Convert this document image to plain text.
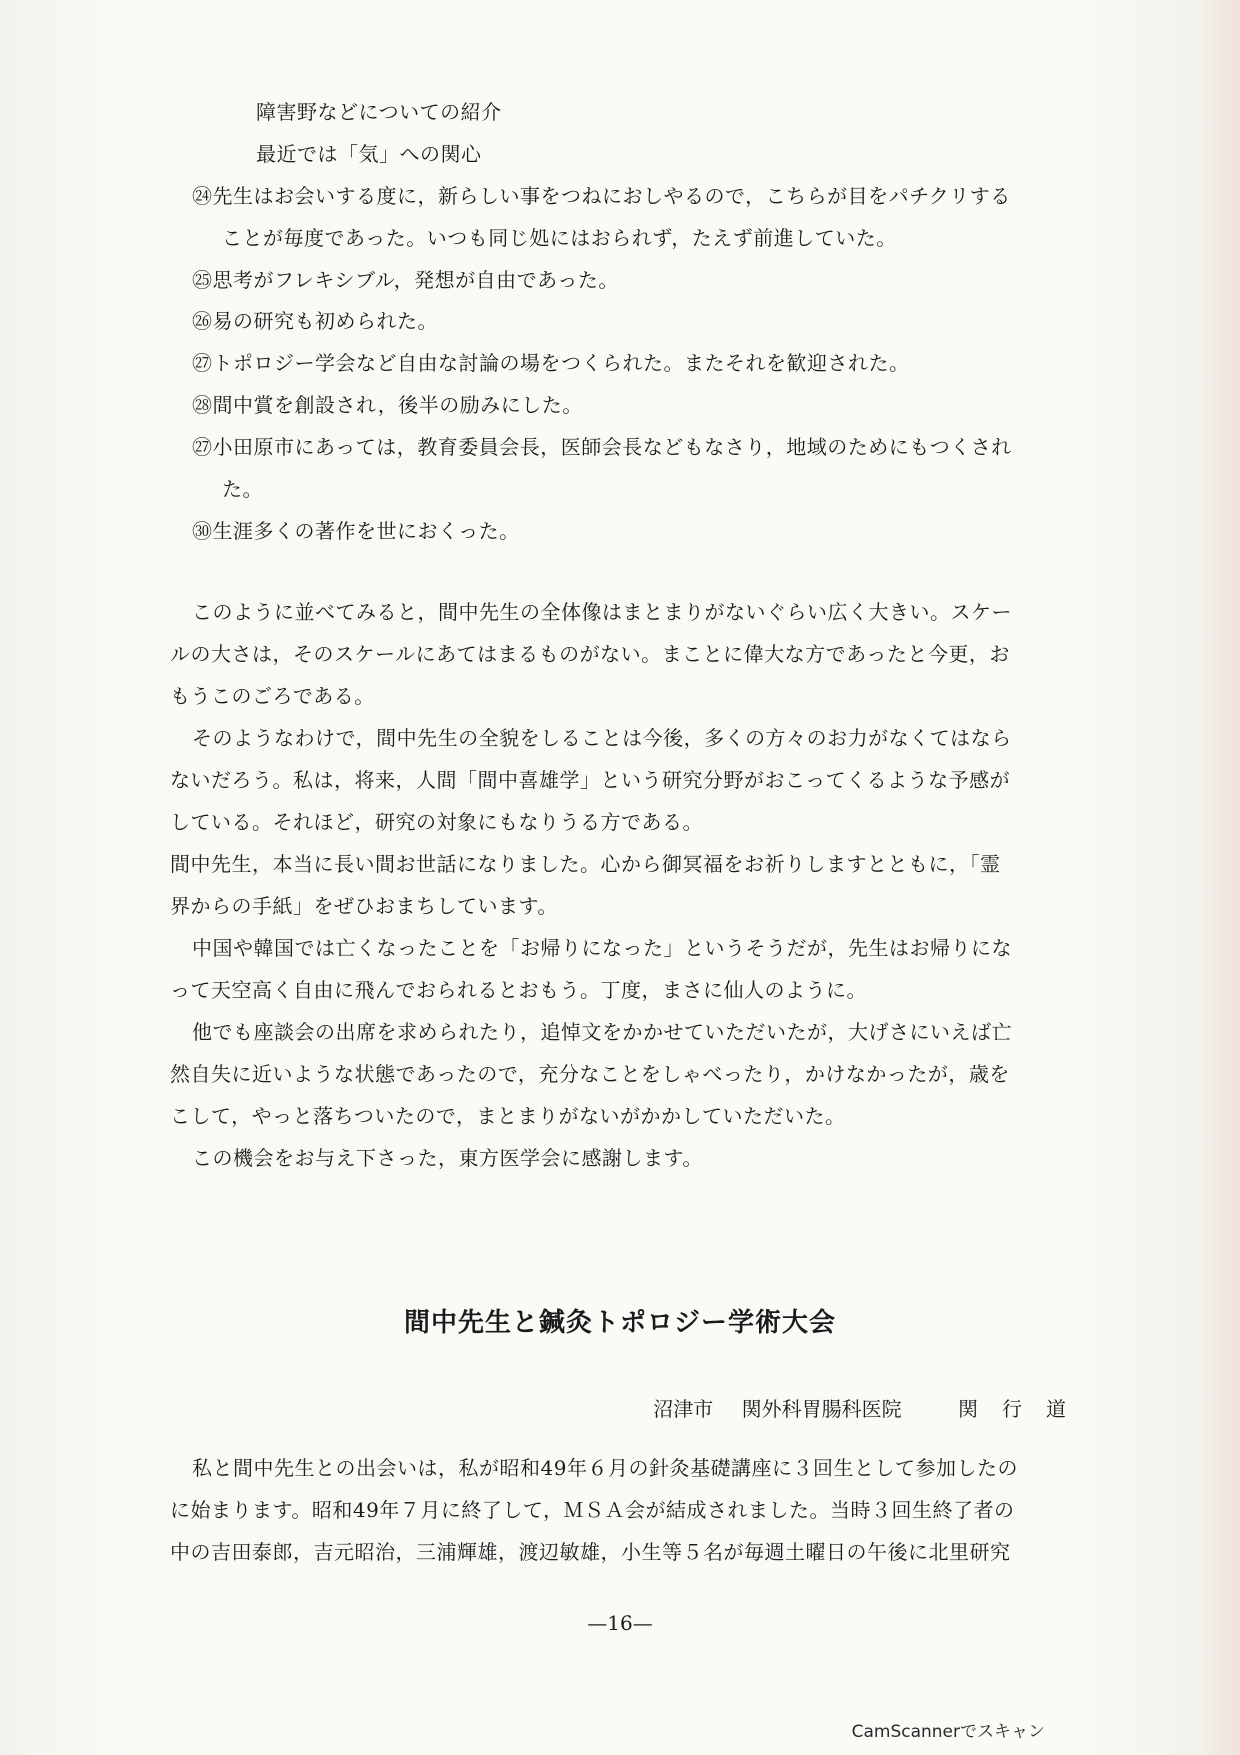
障害野などについての紹介
最近では「気」への関心
㉔先生はお会いする度に，新らしい事をつねにおしやるので，こちらが目をパチクリする
ことが毎度であった。いつも同じ処にはおられず，たえず前進していた。
㉕思考がフレキシブル，発想が自由であった。
㉖易の研究も初められた。
㉗トポロジー学会など自由な討論の場をつくられた。またそれを歓迎された。
㉘間中賞を創設され，後半の励みにした。
㉗小田原市にあっては，教育委員会長，医師会長などもなさり，地域のためにもつくされ
た。
㉚生涯多くの著作を世におくった。
このように並べてみると，間中先生の全体像はまとまりがないぐらい広く大きい。スケー
ルの大さは，そのスケールにあてはまるものがない。まことに偉大な方であったと今更，お
もうこのごろである。
そのようなわけで，間中先生の全貌をしることは今後，多くの方々のお力がなくてはなら
ないだろう。私は，将来，人間「間中喜雄学」という研究分野がおこってくるような予感が
している。それほど，研究の対象にもなりうる方である。
間中先生，本当に長い間お世話になりました。心から御冥福をお祈りしますとともに，「霊
界からの手紙」をぜひおまちしています。
中国や韓国では亡くなったことを「お帰りになった」というそうだが，先生はお帰りにな
って天空高く自由に飛んでおられるとおもう。丁度，まさに仙人のように。
他でも座談会の出席を求められたり，追悼文をかかせていただいたが，大げさにいえば亡
然自失に近いような状態であったので，充分なことをしゃべったり，かけなかったが，歳を
こして，やっと落ちついたので，まとまりがないがかかしていただいた。
この機会をお与え下さった，東方医学会に感謝します。
私と間中先生との出会いは，私が昭和49年６月の針灸基礎講座に３回生として参加したの
に始まります。昭和49年７月に終了して，ＭＳＡ会が結成されました。当時３回生終了者の
中の吉田泰郎，吉元昭治，三浦輝雄，渡辺敏雄，小生等５名が毎週土曜日の午後に北里研究
間中先生と鍼灸トポロジー学術大会
沼津市 関外科胃腸科医院	関行道
—16—
CamScannerでスキャン
